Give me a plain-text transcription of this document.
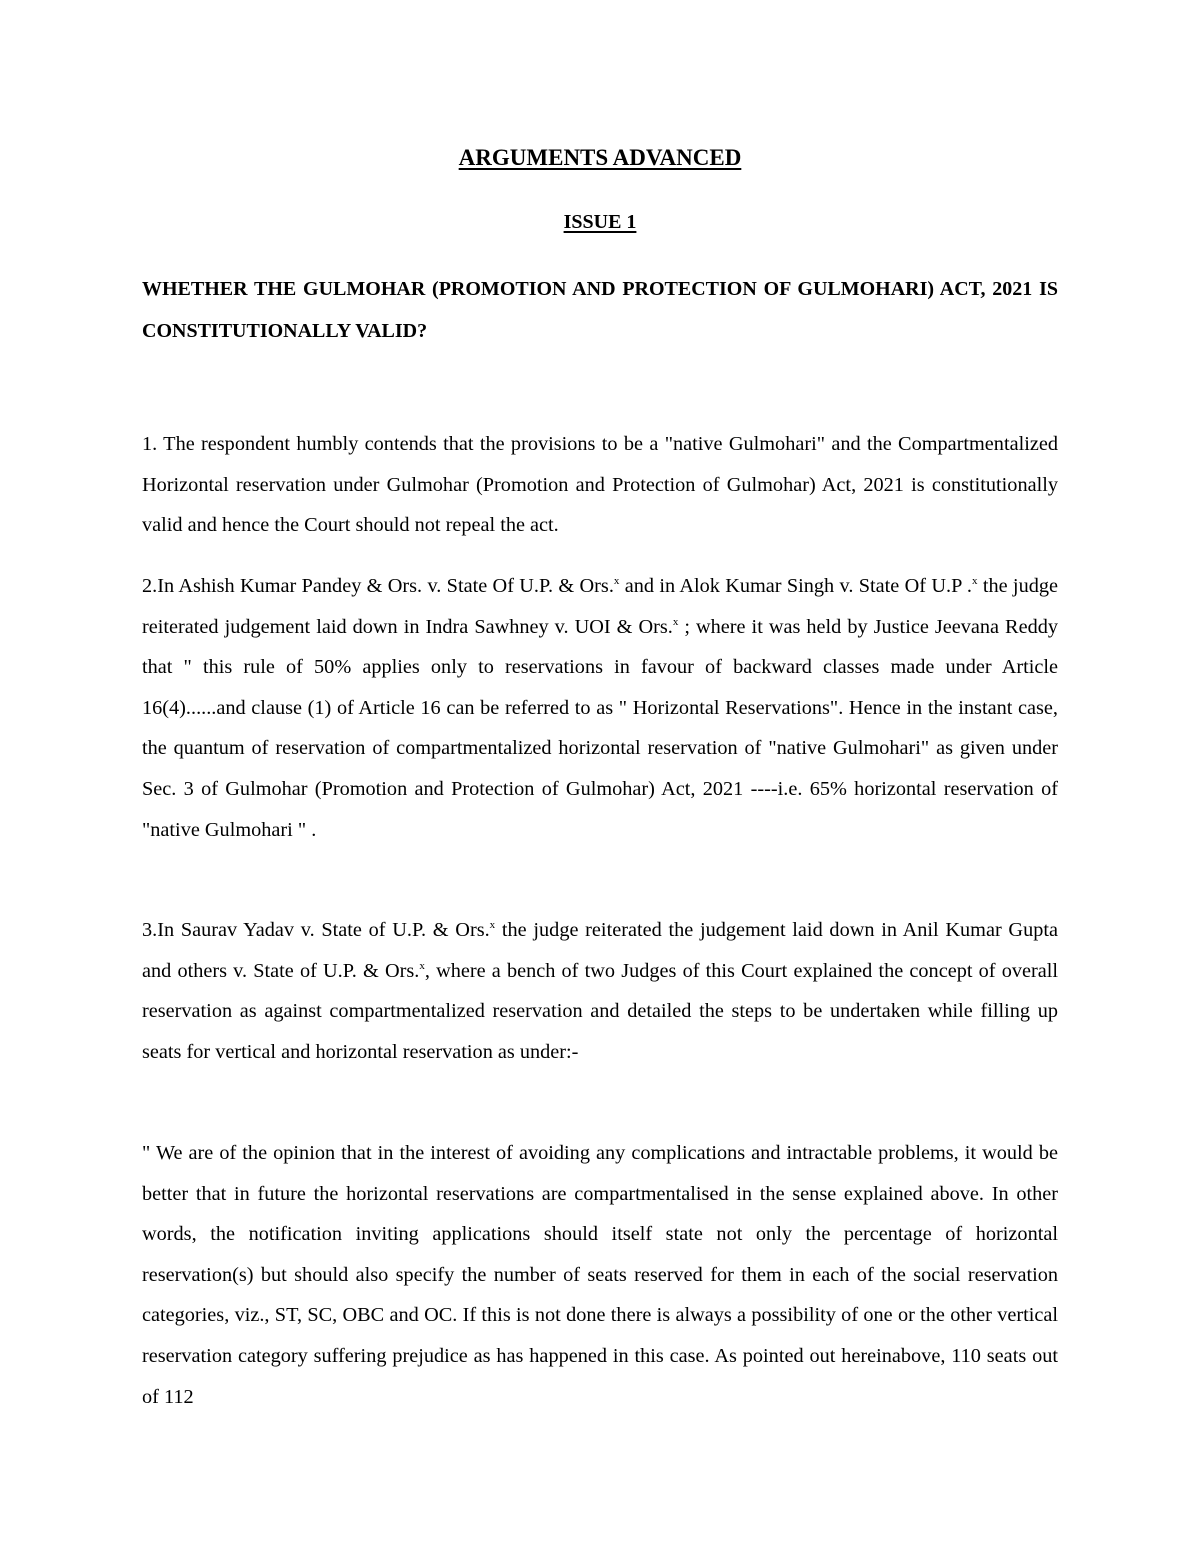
ARGUMENTS ADVANCED
ISSUE 1
WHETHER THE GULMOHAR (PROMOTION AND PROTECTION OF GULMOHARI) ACT, 2021 IS CONSTITUTIONALLY VALID?

1. The respondent humbly contends that the provisions to be a "native Gulmohari" and the Compartmentalized Horizontal reservation under Gulmohar (Promotion and Protection of Gulmohar) Act, 2021 is constitutionally valid and hence the Court should not repeal the act.

2.In Ashish Kumar Pandey & Ors. v. State Of U.P. & Ors.$^x$ and in Alok Kumar Singh v. State Of U.P .$^x$ the judge reiterated judgement laid down in Indra Sawhney v. UOI & Ors.$^x$ ; where it was held by Justice Jeevana Reddy that " this rule of 50% applies only to reservations in favour of backward classes made under Article 16(4)......and clause (1) of Article 16 can be referred to as " Horizontal Reservations". Hence in the instant case, the quantum of reservation of compartmentalized horizontal reservation of "native Gulmohari" as given under Sec. 3 of Gulmohar (Promotion and Protection of Gulmohar) Act, 2021 ----i.e. 65% horizontal reservation of "native Gulmohari " .

3.In Saurav Yadav v. State of U.P. & Ors.$^x$ the judge reiterated the judgement laid down in Anil Kumar Gupta and others v. State of U.P. & Ors.$^x$, where a bench of two Judges of this Court explained the concept of overall reservation as against compartmentalized reservation and detailed the steps to be undertaken while filling up seats for vertical and horizontal reservation as under:-

" We are of the opinion that in the interest of avoiding any complications and intractable problems, it would be better that in future the horizontal reservations are compartmentalised in the sense explained above. In other words, the notification inviting applications should itself state not only the percentage of horizontal reservation(s) but should also specify the number of seats reserved for them in each of the social reservation categories, viz., ST, SC, OBC and OC. If this is not done there is always a possibility of one or the other vertical reservation category suffering prejudice as has happened in this case. As pointed out hereinabove, 110 seats out of 112
